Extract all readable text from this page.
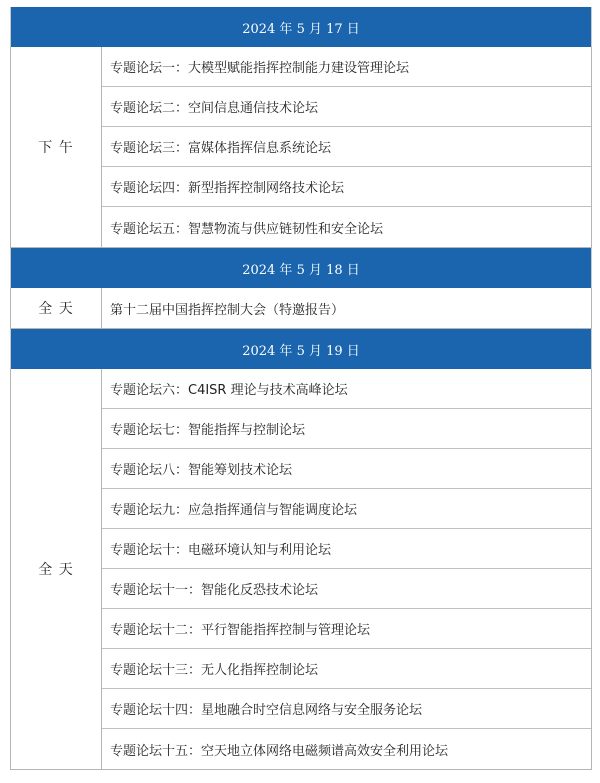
2024 年 5 月 17 日
下 午
专题论坛一：大模型赋能指挥控制能力建设管理论坛
专题论坛二：空间信息通信技术论坛
专题论坛三：富媒体指挥信息系统论坛
专题论坛四：新型指挥控制网络技术论坛
专题论坛五：智慧物流与供应链韧性和安全论坛
2024 年 5 月 18 日
全 天	第十二届中国指挥控制大会（特邀报告）
2024 年 5 月 19 日
全 天
专题论坛六：C4ISR 理论与技术高峰论坛
专题论坛七：智能指挥与控制论坛
专题论坛八：智能筹划技术论坛
专题论坛九：应急指挥通信与智能调度论坛
专题论坛十：电磁环境认知与利用论坛
专题论坛十一：智能化反恐技术论坛
专题论坛十二：平行智能指挥控制与管理论坛
专题论坛十三：无人化指挥控制论坛
专题论坛十四：星地融合时空信息网络与安全服务论坛
专题论坛十五：空天地立体网络电磁频谱高效安全利用论坛
